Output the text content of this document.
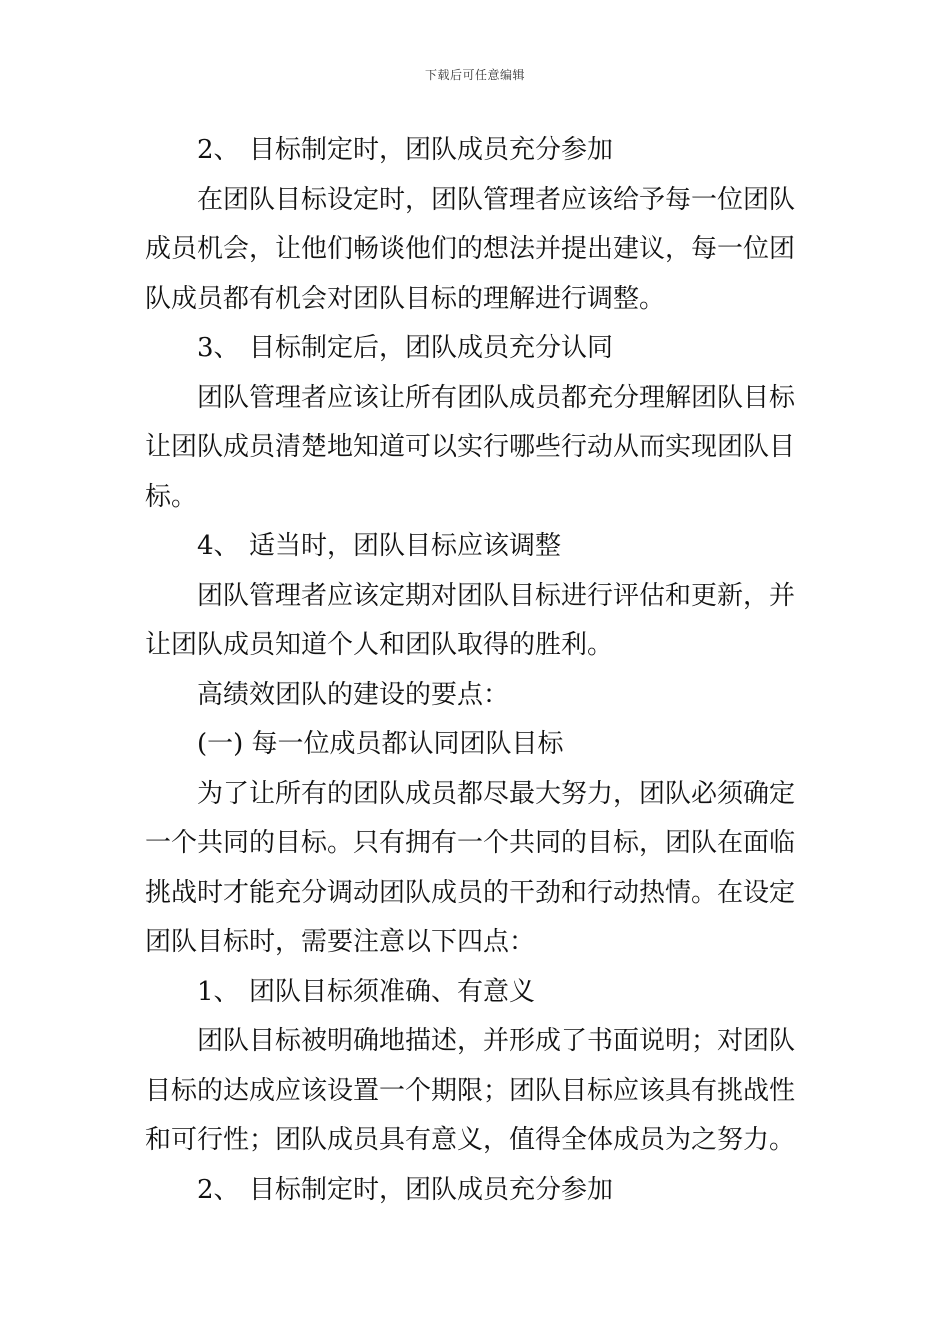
下载后可任意编辑
2、 目标制定时，团队成员充分参加
在团队目标设定时，团队管理者应该给予每一位团队
成员机会，让他们畅谈他们的想法并提出建议，每一位团
队成员都有机会对团队目标的理解进行调整。
3、 目标制定后，团队成员充分认同
团队管理者应该让所有团队成员都充分理解团队目标
让团队成员清楚地知道可以实行哪些行动从而实现团队目
标。
4、 适当时，团队目标应该调整
团队管理者应该定期对团队目标进行评估和更新，并
让团队成员知道个人和团队取得的胜利。
高绩效团队的建设的要点：
(一) 每一位成员都认同团队目标
为了让所有的团队成员都尽最大努力，团队必须确定
一个共同的目标。只有拥有一个共同的目标，团队在面临
挑战时才能充分调动团队成员的干劲和行动热情。在设定
团队目标时，需要注意以下四点：
1、 团队目标须准确、有意义
团队目标被明确地描述，并形成了书面说明；对团队
目标的达成应该设置一个期限；团队目标应该具有挑战性
和可行性；团队成员具有意义，值得全体成员为之努力。
2、 目标制定时，团队成员充分参加
